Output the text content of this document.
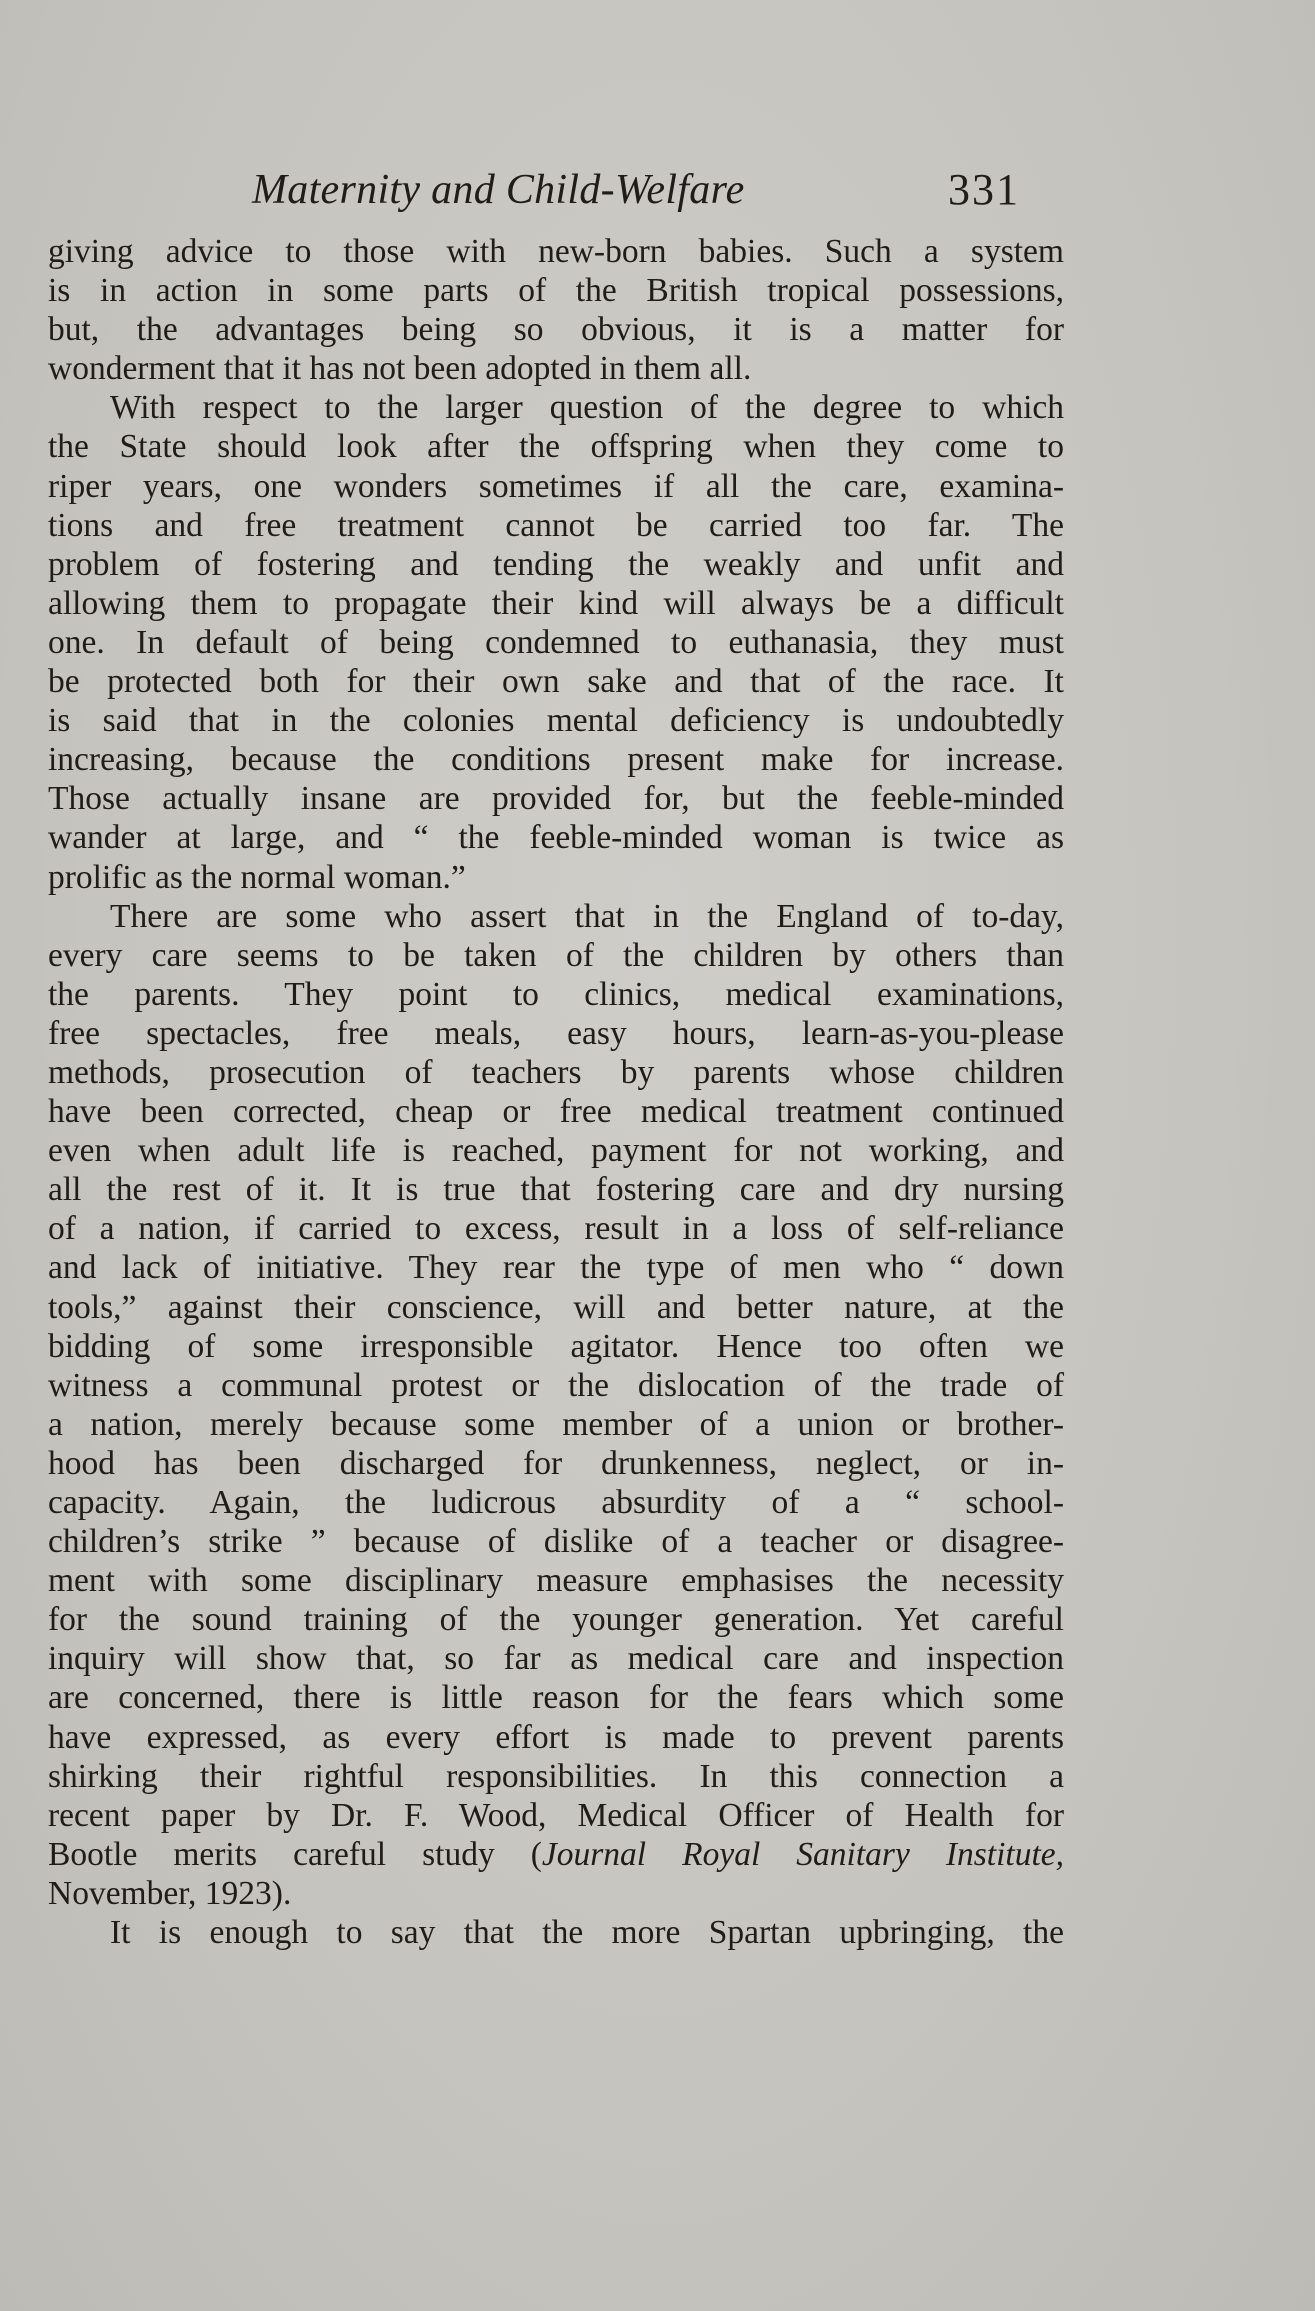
Maternity and Child-Welfare	331
giving advice to those with new-born babies. Such a system
is in action in some parts of the British tropical possessions,
but, the advantages being so obvious, it is a matter for
wonderment that it has not been adopted in them all.
With respect to the larger question of the degree to which
the State should look after the offspring when they come to
riper years, one wonders sometimes if all the care, examina-
tions and free treatment cannot be carried too far. The
problem of fostering and tending the weakly and unfit and
allowing them to propagate their kind will always be a difficult
one. In default of being condemned to euthanasia, they must
be protected both for their own sake and that of the race. It
is said that in the colonies mental deficiency is undoubtedly
increasing, because the conditions present make for increase.
Those actually insane are provided for, but the feeble-minded
wander at large, and “ the feeble-minded woman is twice as
prolific as the normal woman.”
There are some who assert that in the England of to-day,
every care seems to be taken of the children by others than
the parents. They point to clinics, medical examinations,
free spectacles, free meals, easy hours, learn-as-you-please
methods, prosecution of teachers by parents whose children
have been corrected, cheap or free medical treatment continued
even when adult life is reached, payment for not working, and
all the rest of it. It is true that fostering care and dry nursing
of a nation, if carried to excess, result in a loss of self-reliance
and lack of initiative. They rear the type of men who “ down
tools,” against their conscience, will and better nature, at the
bidding of some irresponsible agitator. Hence too often we
witness a communal protest or the dislocation of the trade of
a nation, merely because some member of a union or brother-
hood has been discharged for drunkenness, neglect, or in-
capacity. Again, the ludicrous absurdity of a “ school-
children’s strike ” because of dislike of a teacher or disagree-
ment with some disciplinary measure emphasises the necessity
for the sound training of the younger generation. Yet careful
inquiry will show that, so far as medical care and inspection
are concerned, there is little reason for the fears which some
have expressed, as every effort is made to prevent parents
shirking their rightful responsibilities. In this connection a
recent paper by Dr. F. Wood, Medical Officer of Health for
Bootle merits careful study (Journal Royal Sanitary Institute,
November, 1923).
It is enough to say that the more Spartan upbringing, the
